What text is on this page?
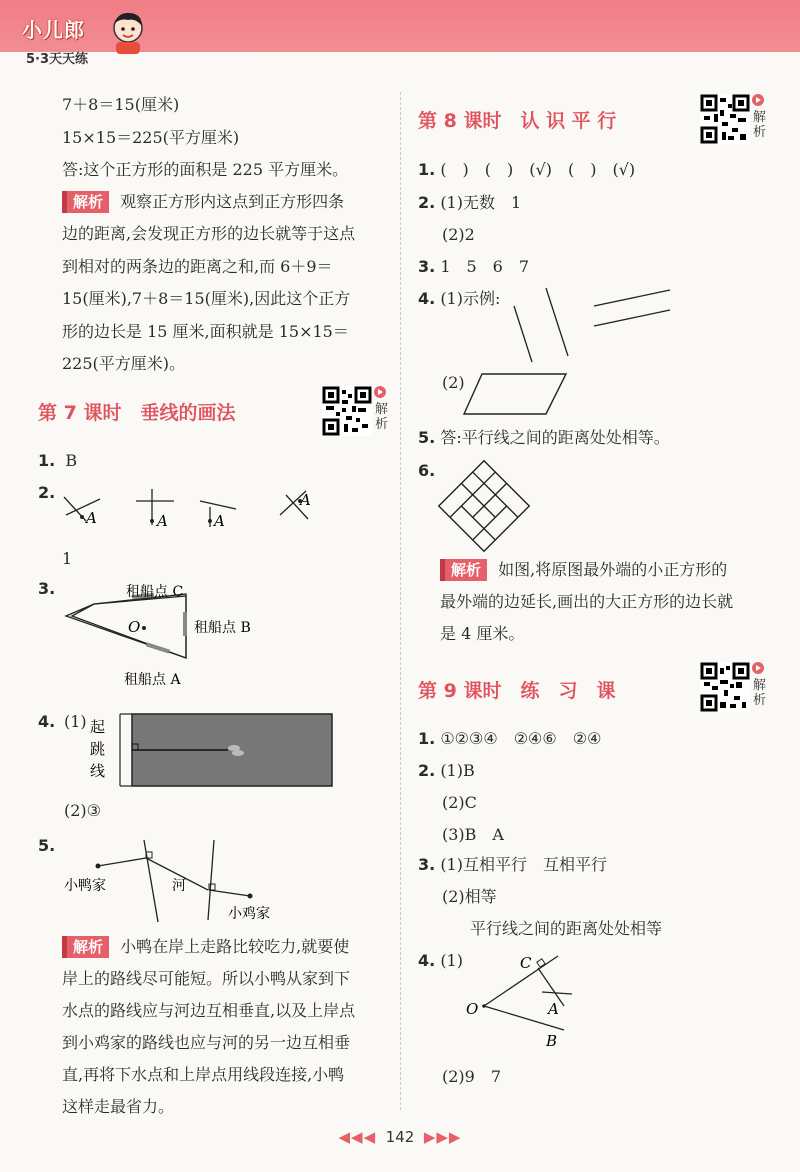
小儿郎
5·3天天练
7＋8＝15(厘米)
15×15＝225(平方厘米)
答:这个正方形的面积是 225 平方厘米。
解析 观察正方形内这点到正方形四条
边的距离,会发现正方形的边长就等于这点
到相对的两条边的距离之和,而 6＋9＝
15(厘米),7＋8＝15(厘米),因此这个正方
形的边长是 15 厘米,面积就是 15×15＝
225(平方厘米)。
第 7 课时　垂线的画法	解析
1. B
2.
A	A	A
A
1
3.	租船点 C
O	租船点 B
租船点 A
4. (1) 起
跳
线
(2)③
5.
小鸭家	河
小鸡家
解析 小鸭在岸上走路比较吃力,就要使
岸上的路线尽可能短。所以小鸭从家到下
水点的路线应与河边互相垂直,以及上岸点
到小鸡家的路线也应与河的另一边互相垂
直,再将下水点和上岸点用线段连接,小鸭
这样走最省力。
第 8 课时　认 识 平 行	解析
1. (　)　(　)　(√)　(　)　(√)
2. (1)无数　1
(2)2
3. 1　5　6　7
4. (1)示例:
(2)
5. 答:平行线之间的距离处处相等。
6.
解析 如图,将原图最外端的小正方形的
最外端的边延长,画出的大正方形的边长就
是 4 厘米。
第 9 课时　练　习　课	解析
1. ①②③④　②④⑥　②④
2. (1)B
(2)C
(3)B　A
3. (1)互相平行　互相平行
(2)相等
平行线之间的距离处处相等
4. (1)	C
O	A
B
(2)9　7
◀◀◀ 142 ▶▶▶
